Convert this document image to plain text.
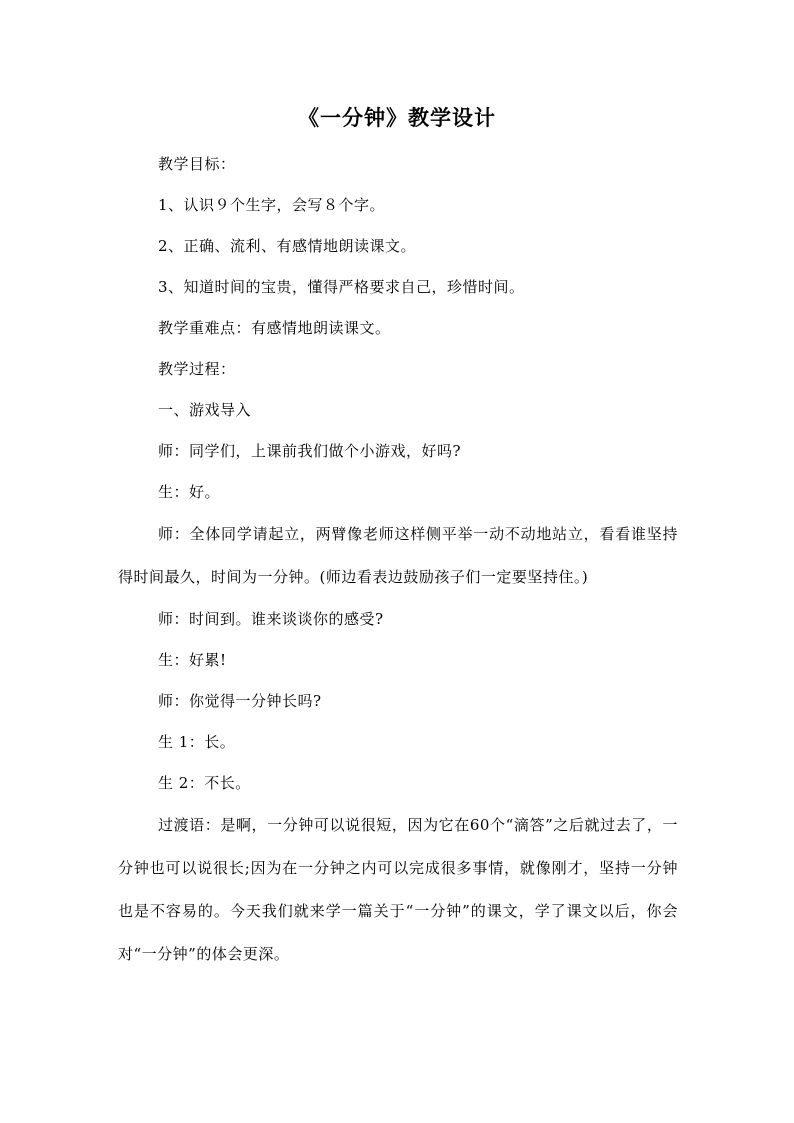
《一分钟》教学设计

教学目标：

1、认识９个生字，会写８个字。

2、正确、流利、有感情地朗读课文。

3、知道时间的宝贵，懂得严格要求自己，珍惜时间。

教学重难点：有感情地朗读课文。

教学过程：

一、游戏导入

师：同学们，上课前我们做个小游戏，好吗?

生：好。

师：全体同学请起立，两臂像老师这样侧平举一动不动地站立，看看谁坚持得时间最久，时间为一分钟。(师边看表边鼓励孩子们一定要坚持住。)

师：时间到。谁来谈谈你的感受?

生：好累!

师：你觉得一分钟长吗?

生 1：长。

生 2：不长。

过渡语：是啊，一分钟可以说很短，因为它在60个“滴答”之后就过去了，一分钟也可以说很长;因为在一分钟之内可以完成很多事情，就像刚才，坚持一分钟也是不容易的。今天我们就来学一篇关于“一分钟”的课文，学了课文以后，你会对“一分钟”的体会更深。
